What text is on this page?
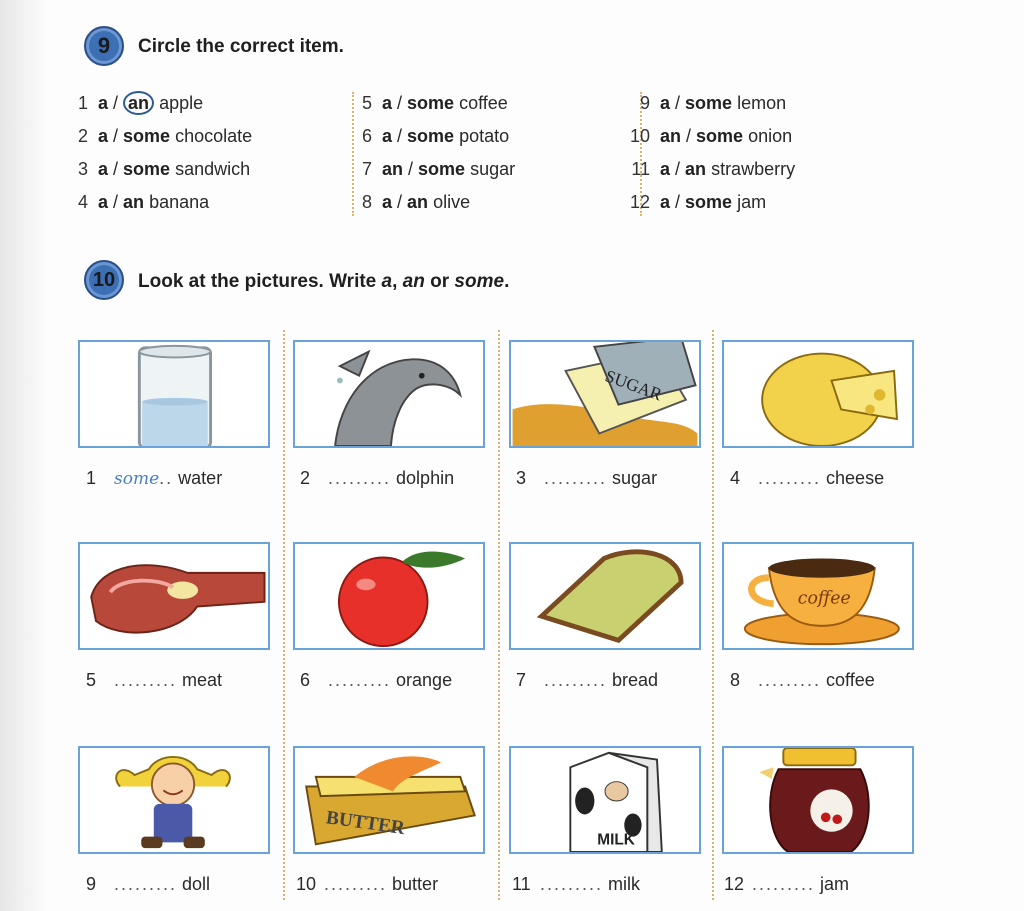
9	Circle the correct item.
1 a / an apple
2 a / some chocolate
3 a / some sandwich
4 a / an banana
5 a / some coffee
6 a / some potato
7 an / some sugar
8 a / an olive
9 a / some lemon
10 an / some onion
11 a / an strawberry
12 a / some jam
10	Look at the pictures. Write a, an or some.
SUGAR
1 some.. water	2 ......... dolphin	3 ......... sugar	4 ......... cheese
coffee
5 ......... meat	6 ......... orange	7 ......... bread	8 ......... coffee
BUTTER
MILK
9 ......... doll	10 ......... butter	11 ......... milk	12 ......... jam
